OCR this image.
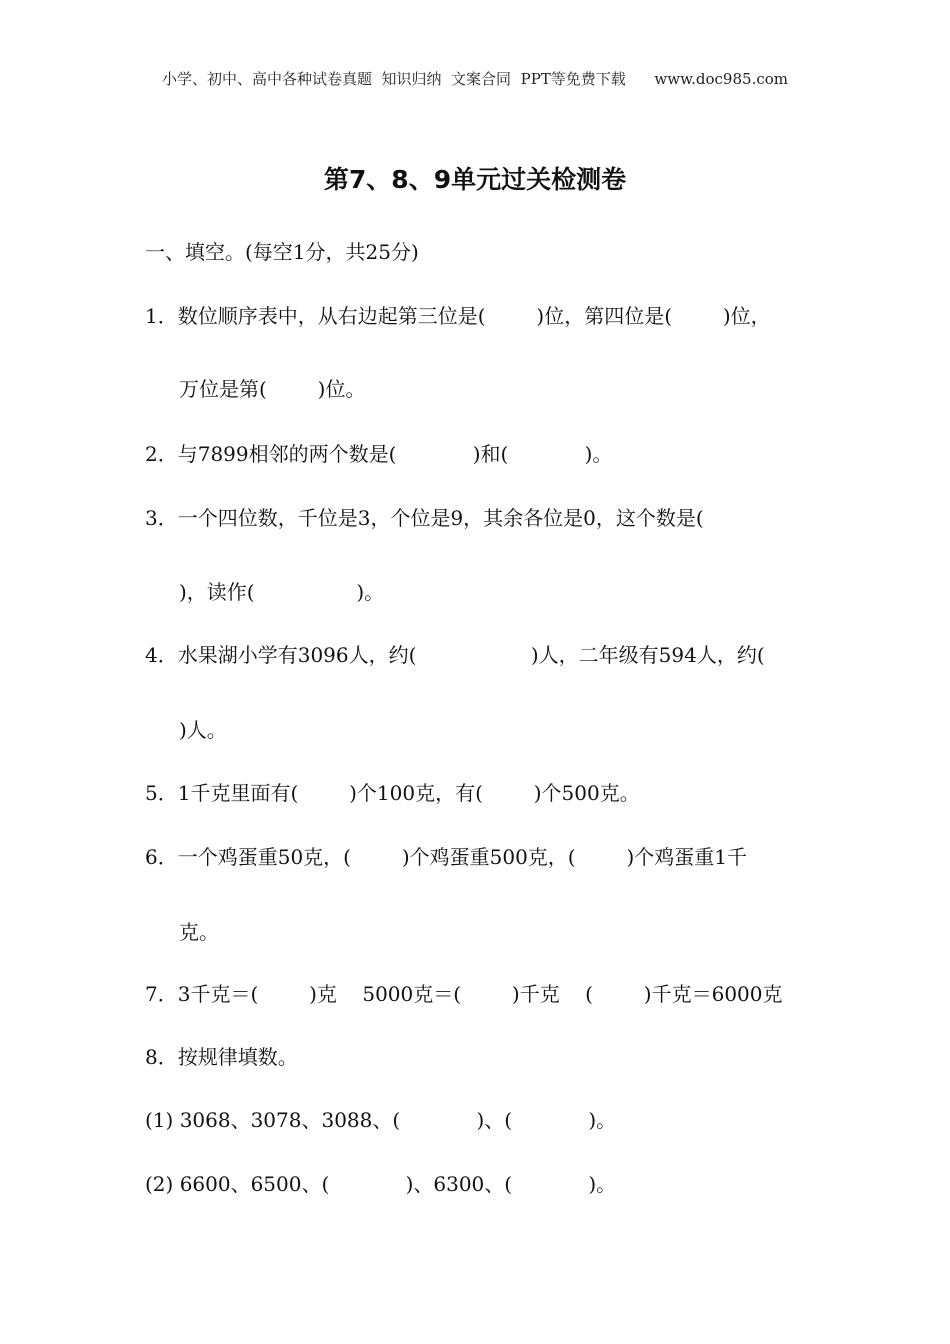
小学、初中、高中各种试卷真题  知识归纳  文案合同  PPT等免费下载      www.doc985.com
第7、8、9单元过关检测卷
一、填空。(每空1分，共25分)
1．数位顺序表中，从右边起第三位是(        )位，第四位是(        )位，
万位是第(        )位。
2．与7899相邻的两个数是(            )和(            )。
3．一个四位数，千位是3，个位是9，其余各位是0，这个数是(
)，读作(                )。
4．水果湖小学有3096人，约(                  )人，二年级有594人，约(
)人。
5．1千克里面有(        )个100克，有(        )个500克。
6．一个鸡蛋重50克，(        )个鸡蛋重500克，(        )个鸡蛋重1千
克。
7．3千克＝(        )克    5000克＝(        )千克    (        )千克＝6000克
8．按规律填数。
(1) 3068、3078、3088、(            )、(            )。
(2) 6600、6500、(            )、6300、(            )。
